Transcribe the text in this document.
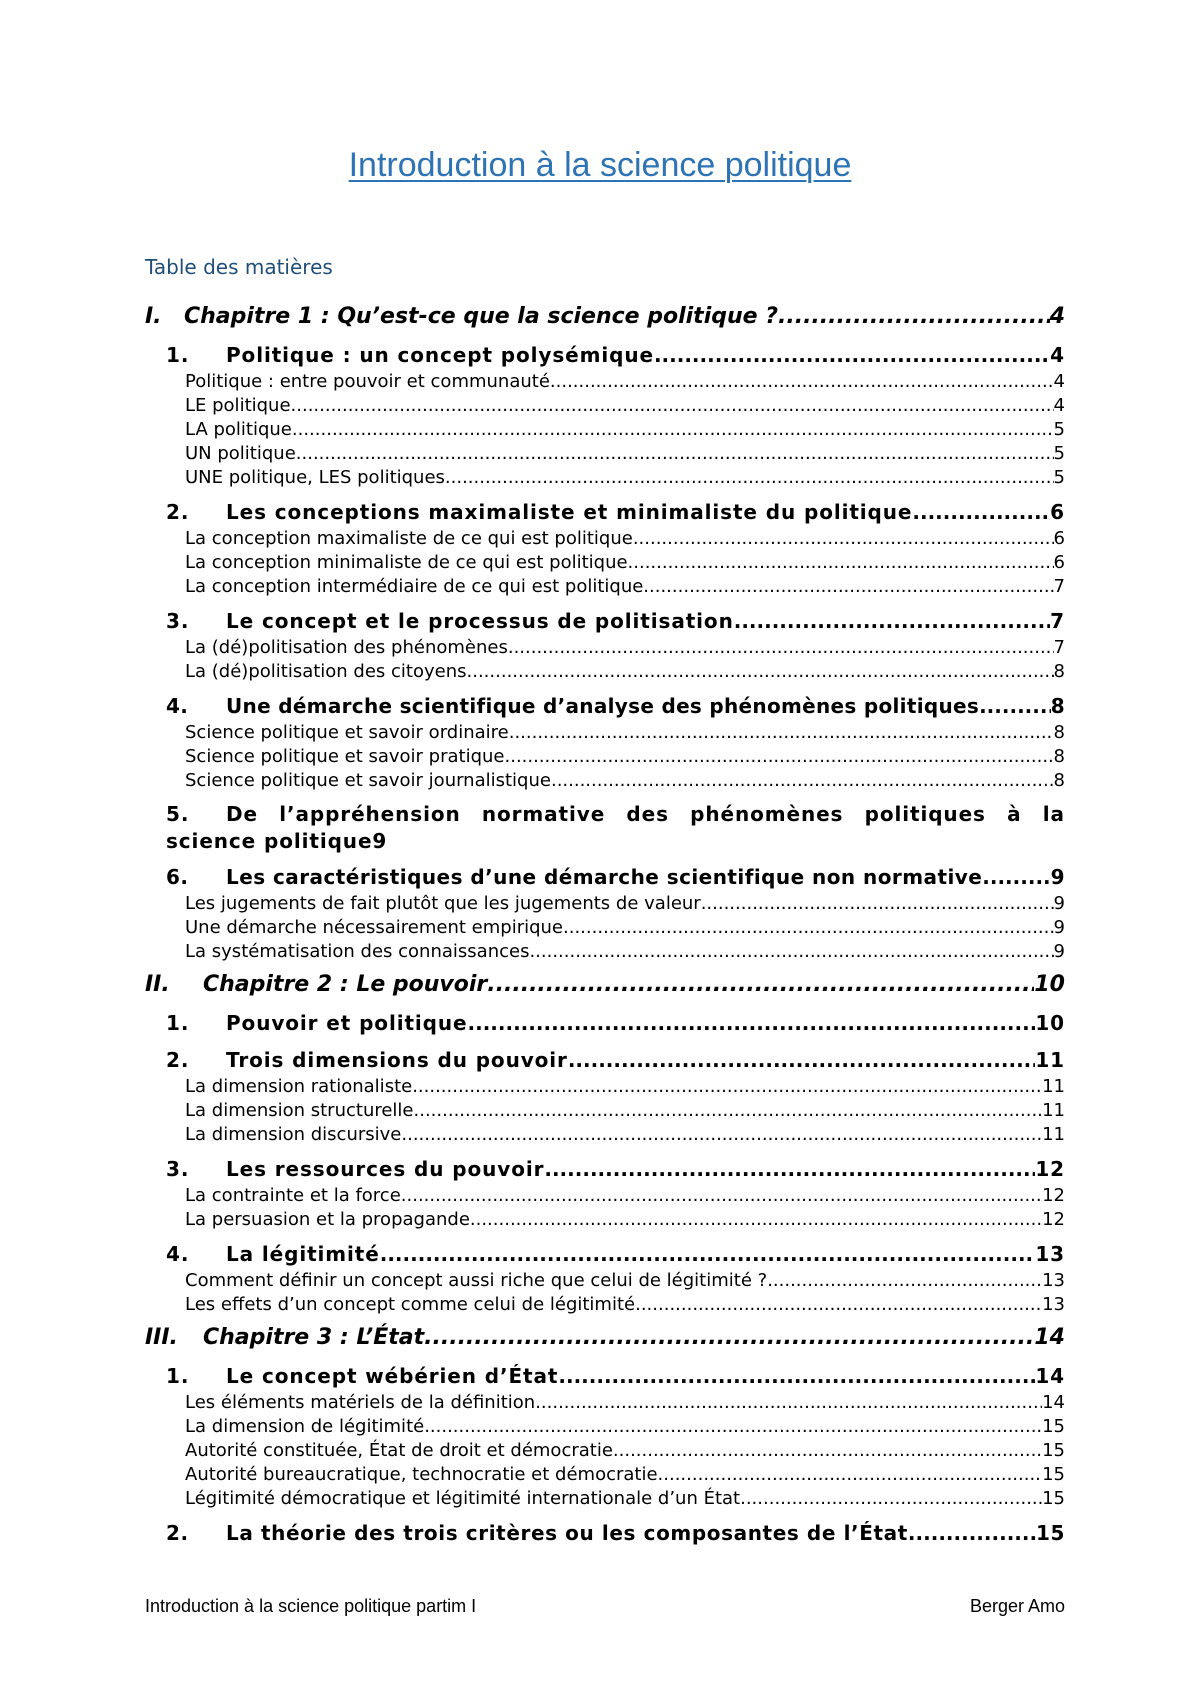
Introduction à la science politique
Table des matières
I.	Chapitre 1 : Qu’est-ce que la science politique ? .....	4
1.	Politique : un concept polysémique .....	4
Politique : entre pouvoir et communauté .....	4
LE politique .....	4
LA politique .....	5
UN politique .....	5
UNE politique, LES politiques .....	5
2.	Les conceptions maximaliste et minimaliste du politique .....	6
La conception maximaliste de ce qui est politique .....	6
La conception minimaliste de ce qui est politique .....	6
La conception intermédiaire de ce qui est politique .....	7
3.	Le concept et le processus de politisation .....	7
La (dé)politisation des phénomènes .....	7
La (dé)politisation des citoyens .....	8
4.	Une démarche scientifique d’analyse des phénomènes politiques .....	8
Science politique et savoir ordinaire .....	8
Science politique et savoir pratique .....	8
Science politique et savoir journalistique .....	8
5.	De l’appréhension normative des phénomènes politiques à la
science politique 9
6.	Les caractéristiques d’une démarche scientifique non normative .....	9
Les jugements de fait plutôt que les jugements de valeur .....	9
Une démarche nécessairement empirique .....	9
La systématisation des connaissances .....	9
II.	Chapitre 2 : Le pouvoir .....	10
1.	Pouvoir et politique .....	10
2.	Trois dimensions du pouvoir .....	11
La dimension rationaliste .....	11
La dimension structurelle .....	11
La dimension discursive .....	11
3.	Les ressources du pouvoir .....	12
La contrainte et la force .....	12
La persuasion et la propagande .....	12
4.	La légitimité .....	13
Comment définir un concept aussi riche que celui de légitimité ? .....	13
Les effets d’un concept comme celui de légitimité .....	13
III.	Chapitre 3 : L’État .....	14
1.	Le concept wébérien d’État .....	14
Les éléments matériels de la définition .....	14
La dimension de légitimité .....	15
Autorité constituée, État de droit et démocratie .....	15
Autorité bureaucratique, technocratie et démocratie .....	15
Légitimité démocratique et légitimité internationale d’un État .....	15
2.	La théorie des trois critères ou les composantes de l’État .....	15
Introduction à la science politique partim I	Berger Amo
